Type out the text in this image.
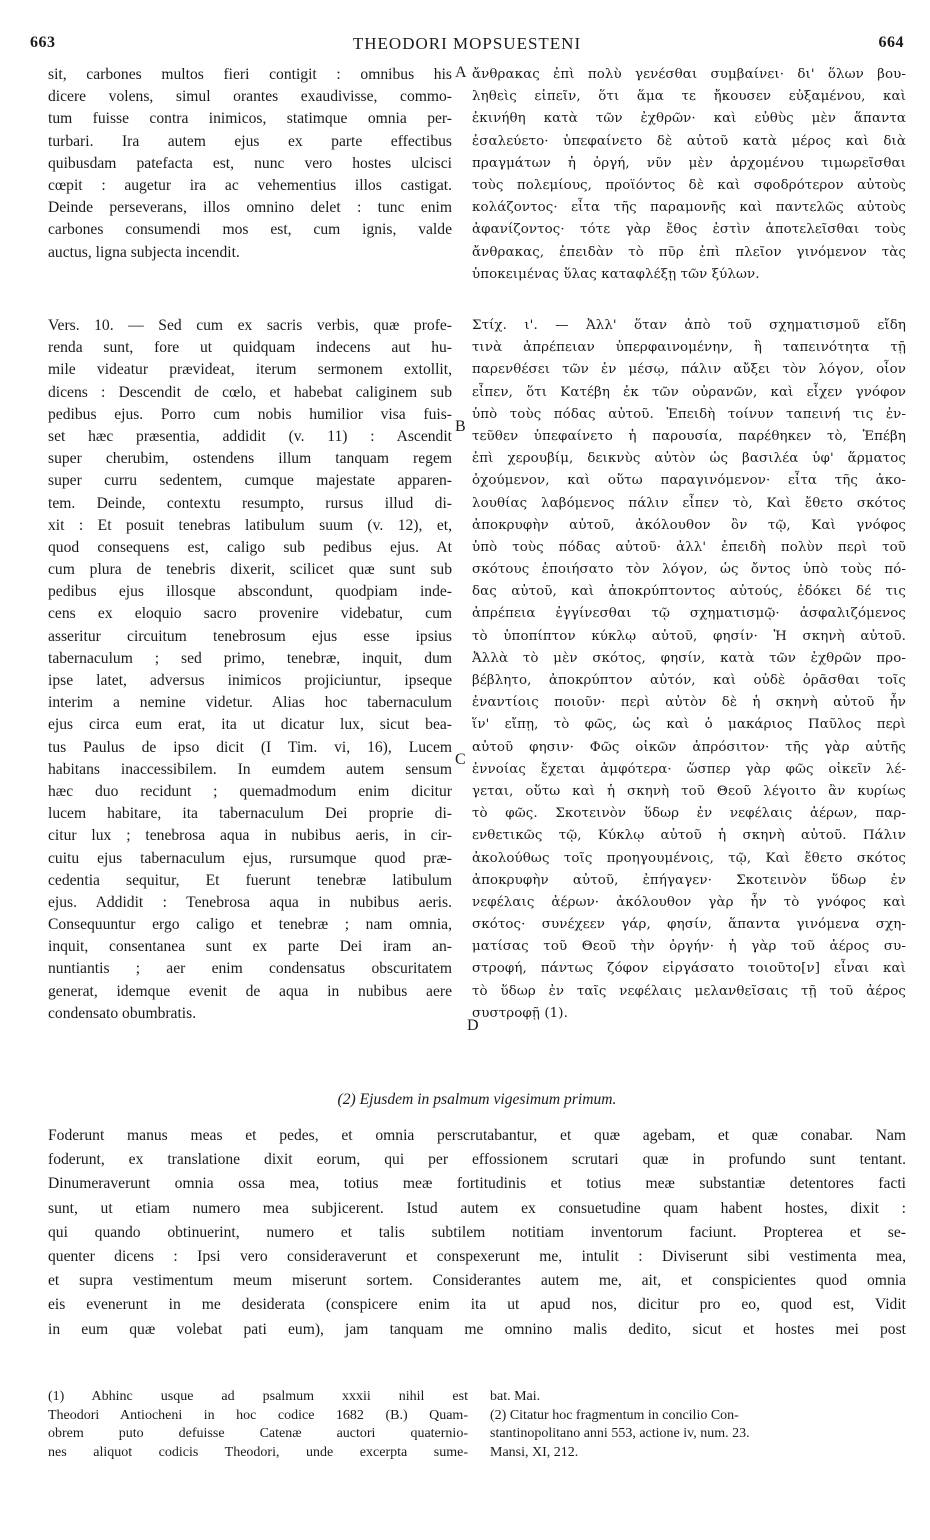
663	THEODORI MOPSUESTENI	664
sit, carbones multos fieri contigit : omnibus his
dicere volens, simul orantes exaudivisse, commo-
tum fuisse contra inimicos, statimque omnia per-
turbari. Ira autem ejus ex parte effectibus
quibusdam patefacta est, nunc vero hostes ulcisci
cœpit : augetur ira ac vehementius illos castigat.
Deinde perseverans, illos omnino delet : tunc enim
carbones consumendi mos est, cum ignis, valde
auctus, ligna subjecta incendit.
ἄνθρακας ἐπὶ πολὺ γενέσθαι συμβαίνει· δι' ὅλων βου-
ληθεὶς εἰπεῖν, ὅτι ἅμα τε ἤκουσεν εὐξαμένου, καὶ
ἐκινήθη κατὰ τῶν ἐχθρῶν· καὶ εὐθὺς μὲν ἅπαντα
ἐσαλεύετο· ὑπεφαίνετο δὲ αὐτοῦ κατὰ μέρος καὶ διὰ
πραγμάτων ἡ ὀργή, νῦν μὲν ἀρχομένου τιμωρεῖσθαι
τοὺς πολεμίους, προϊόντος δὲ καὶ σφοδρότερον αὐτοὺς
κολάζοντος· εἶτα τῆς παραμονῆς καὶ παντελῶς αὐτοὺς
ἀφανίζοντος· τότε γὰρ ἔθος ἐστὶν ἀποτελεῖσθαι τοὺς
ἄνθρακας, ἐπειδὰν τὸ πῦρ ἐπὶ πλεῖον γινόμενον τὰς
ὑποκειμένας ὕλας καταφλέξῃ τῶν ξύλων.
Vers. 10. — Sed cum ex sacris verbis, quæ profe-
renda sunt, fore ut quidquam indecens aut hu-
mile videatur prævideat, iterum sermonem extollit,
dicens : Descendit de cœlo, et habebat caliginem sub
pedibus ejus. Porro cum nobis humilior visa fuis-
set hæc præsentia, addidit (v. 11) : Ascendit
super cherubim, ostendens illum tanquam regem
super curru sedentem, cumque majestate apparen-
tem. Deinde, contextu resumpto, rursus illud di-
xit : Et posuit tenebras latibulum suum (v. 12), et,
quod consequens est, caligo sub pedibus ejus. At
cum plura de tenebris dixerit, scilicet quæ sunt sub
pedibus ejus illosque abscondunt, quodpiam inde-
cens ex eloquio sacro provenire videbatur, cum
asseritur circuitum tenebrosum ejus esse ipsius
tabernaculum ; sed primo, tenebræ, inquit, dum
ipse latet, adversus inimicos projiciuntur, ipseque
interim a nemine videtur. Alias hoc tabernaculum
ejus circa eum erat, ita ut dicatur lux, sicut bea-
tus Paulus de ipso dicit (I Tim. vi, 16), Lucem
habitans inaccessibilem. In eumdem autem sensum
hæc duo recidunt ; quemadmodum enim dicitur
lucem habitare, ita tabernaculum Dei proprie di-
citur lux ; tenebrosa aqua in nubibus aeris, in cir-
cuitu ejus tabernaculum ejus, rursumque quod præ-
cedentia sequitur, Et fuerunt tenebræ latibulum
ejus. Addidit : Tenebrosa aqua in nubibus aeris.
Consequuntur ergo caligo et tenebræ ; nam omnia,
inquit, consentanea sunt ex parte Dei iram an-
nuntiantis ; aer enim condensatus obscuritatem
generat, idemque evenit de aqua in nubibus aere
condensato obumbratis.
Στίχ. ι'. — Ἀλλ' ὅταν ἀπὸ τοῦ σχηματισμοῦ εἴδη
τινὰ ἀπρέπειαν ὑπερφαινομένην, ἢ ταπεινότητα τῇ
παρενθέσει τῶν ἐν μέσῳ, πάλιν αὔξει τὸν λόγον, οἷον
εἶπεν, ὅτι Κατέβη ἐκ τῶν οὐρανῶν, καὶ εἶχεν γνόφον
ὑπὸ τοὺς πόδας αὐτοῦ. Ἐπειδὴ τοίνυν ταπεινή τις ἐν-
τεῦθεν ὑπεφαίνετο ἡ παρουσία, παρέθηκεν τὸ, Ἐπέβη
ἐπὶ χερουβίμ, δεικνὺς αὐτὸν ὡς βασιλέα ὑφ' ἅρματος
ὀχούμενον, καὶ οὕτω παραγινόμενον· εἶτα τῆς ἀκο-
λουθίας λαβόμενος πάλιν εἶπεν τὸ, Καὶ ἔθετο σκότος
ἀποκρυφὴν αὐτοῦ, ἀκόλουθον ὂν τῷ, Καὶ γνόφος
ὑπὸ τοὺς πόδας αὐτοῦ· ἀλλ' ἐπειδὴ πολὺν περὶ τοῦ
σκότους ἐποιήσατο τὸν λόγον, ὡς ὄντος ὑπὸ τοὺς πό-
δας αὐτοῦ, καὶ ἀποκρύπτοντος αὐτούς, ἐδόκει δέ τις
ἀπρέπεια ἐγγίνεσθαι τῷ σχηματισμῷ· ἀσφαλιζόμενος
τὸ ὑποπίπτον κύκλῳ αὐτοῦ, φησίν· Ἡ σκηνὴ αὐτοῦ.
Ἀλλὰ τὸ μὲν σκότος, φησίν, κατὰ τῶν ἐχθρῶν προ-
βέβλητο, ἀποκρύπτον αὐτόν, καὶ οὐδὲ ὁρᾶσθαι τοῖς
ἐναντίοις ποιοῦν· περὶ αὐτὸν δὲ ἡ σκηνὴ αὐτοῦ ἦν
ἵν' εἴπῃ, τὸ φῶς, ὡς καὶ ὁ μακάριος Παῦλος περὶ
αὐτοῦ φησιν· Φῶς οἰκῶν ἀπρόσιτον· τῆς γὰρ αὐτῆς
ἐννοίας ἔχεται ἀμφότερα· ὥσπερ γὰρ φῶς οἰκεῖν λέ-
γεται, οὕτω καὶ ἡ σκηνὴ τοῦ Θεοῦ λέγοιτο ἂν κυρίως
τὸ φῶς. Σκοτεινὸν ὕδωρ ἐν νεφέλαις ἀέρων, παρ-
ενθετικῶς τῷ, Κύκλῳ αὐτοῦ ἡ σκηνὴ αὐτοῦ. Πάλιν
ἀκολούθως τοῖς προηγουμένοις, τῷ, Καὶ ἔθετο σκότος
ἀποκρυφὴν αὐτοῦ, ἐπήγαγεν· Σκοτεινὸν ὕδωρ ἐν
νεφέλαις ἀέρων· ἀκόλουθον γὰρ ἦν τὸ γνόφος καὶ
σκότος· συνέχεεν γάρ, φησίν, ἅπαντα γινόμενα σχη-
ματίσας τοῦ Θεοῦ τὴν ὀργήν· ἡ γὰρ τοῦ ἀέρος συ-
στροφή, πάντως ζόφον εἰργάσατο τοιοῦτο[ν] εἶναι καὶ
τὸ ὕδωρ ἐν ταῖς νεφέλαις μελανθεῖσαις τῇ τοῦ ἀέρος
συστροφῇ (1).
A
B
C
D
(2) Ejusdem in psalmum vigesimum primum.
Foderunt manus meas et pedes, et omnia perscrutabantur, et quæ agebam, et quæ conabar. Nam
foderunt, ex translatione dixit eorum, qui per effossionem scrutari quæ in profundo sunt tentant.
Dinumeraverunt omnia ossa mea, totius meæ fortitudinis et totius meæ substantiæ detentores facti
sunt, ut etiam numero mea subjicerent. Istud autem ex consuetudine quam habent hostes, dixit :
qui quando obtinuerint, numero et talis subtilem notitiam inventorum faciunt. Propterea et se-
quenter dicens : Ipsi vero consideraverunt et conspexerunt me, intulit : Diviserunt sibi vestimenta mea,
et supra vestimentum meum miserunt sortem. Considerantes autem me, ait, et conspicientes quod omnia
eis evenerunt in me desiderata (conspicere enim ita ut apud nos, dicitur pro eo, quod est, Vidit
in eum quæ volebat pati eum), jam tanquam me omnino malis dedito, sicut et hostes mei post
(1) Abhinc usque ad psalmum xxxii nihil est
Theodori Antiocheni in hoc codice 1682 (B.) Quam-
obrem puto defuisse Catenæ auctori quaternio-
nes aliquot codicis Theodori, unde excerpta sume-
bat. Mai.
(2) Citatur hoc fragmentum in concilio Con-
stantinopolitano anni 553, actione iv, num. 23.
Mansi, XI, 212.
